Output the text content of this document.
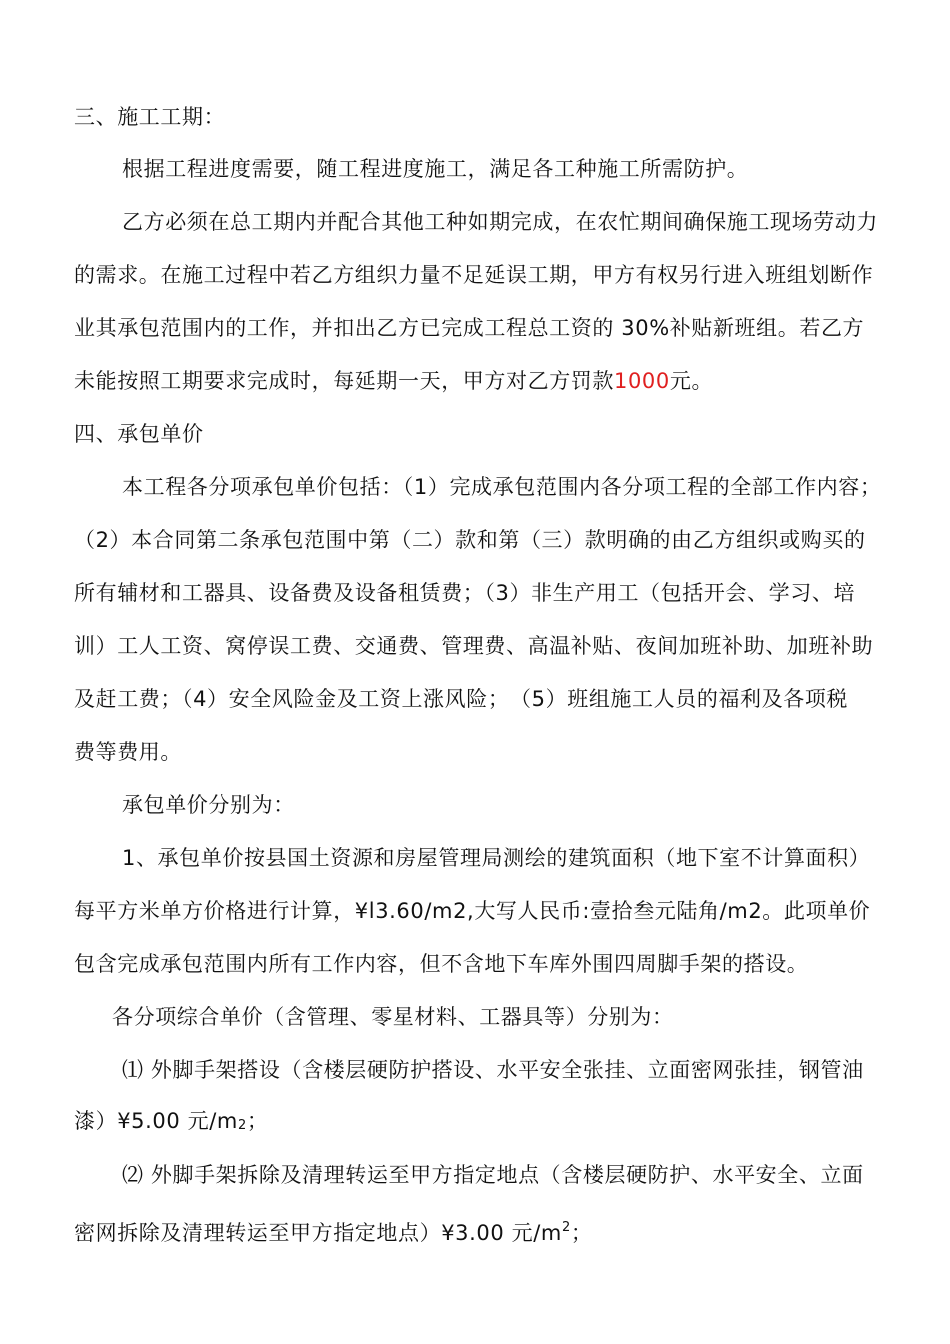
三、施工工期：
根据工程进度需要，随工程进度施工，满足各工种施工所需防护。
乙方必须在总工期内并配合其他工种如期完成，在农忙期间确保施工现场劳动力
的需求。在施工过程中若乙方组织力量不足延误工期，甲方有权另行进入班组划断作
业其承包范围内的工作，并扣出乙方已完成工程总工资的 30%补贴新班组。若乙方
未能按照工期要求完成时，每延期一天，甲方对乙方罚款1000元。
四、承包单价
本工程各分项承包单价包括：（1）完成承包范围内各分项工程的全部工作内容；
（2）本合同第二条承包范围中第（二）款和第（三）款明确的由乙方组织或购买的
所有辅材和工器具、设备费及设备租赁费；（3）非生产用工（包括开会、学习、培
训）工人工资、窝停误工费、交通费、管理费、高温补贴、夜间加班补助、加班补助
及赶工费；（4）安全风险金及工资上涨风险；　（5）班组施工人员的福利及各项税
费等费用。
承包单价分别为：
1、承包单价按县国土资源和房屋管理局测绘的建筑面积（地下室不计算面积）
每平方米单方价格进行计算，¥l3.60/m2,大写人民币:壹拾叁元陆角/m2。此项单价
包含完成承包范围内所有工作内容，但不含地下车库外围四周脚手架的搭设。
各分项综合单价（含管理、零星材料、工器具等）分别为：
⑴ 外脚手架搭设（含楼层硬防护搭设、水平安全张挂、立面密网张挂，钢管油
漆）¥5.00 元$/m_2$；
⑵ 外脚手架拆除及清理转运至甲方指定地点（含楼层硬防护、水平安全、立面
密网拆除及清理转运至甲方指定地点）¥3.00 元$/m^2$；
